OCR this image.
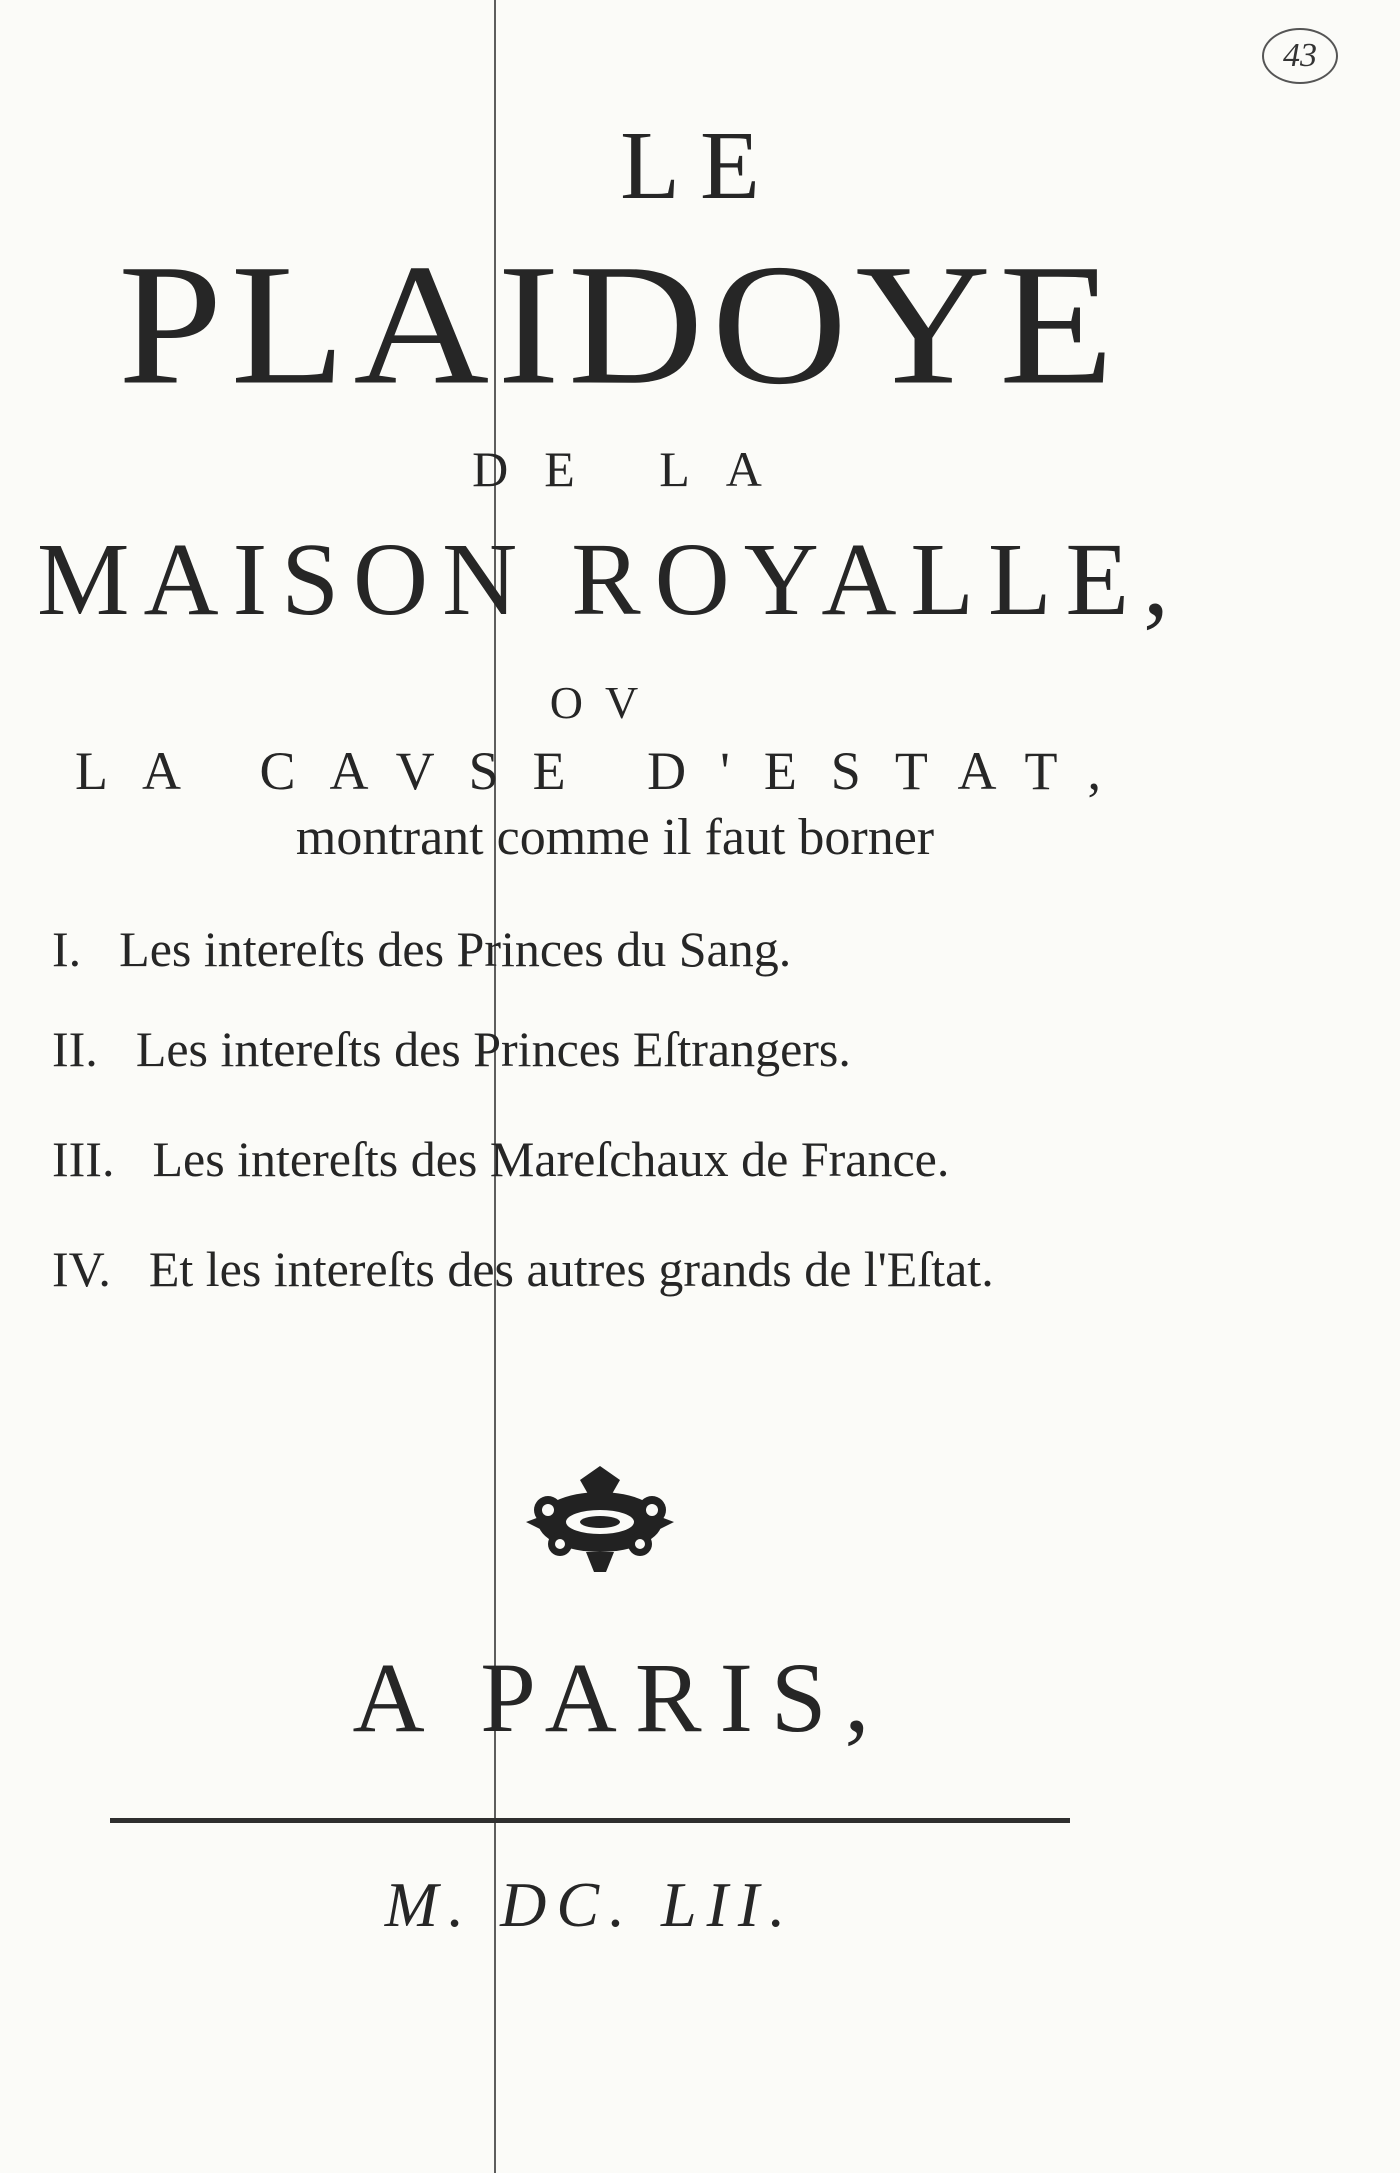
43
LE
PLAIDOYE
DE LA
MAISON ROYALLE,
OV
LA CAVSE D'ESTAT,
montrant comme il faut borner
I. Les intereſts des Princes du Sang.
II. Les intereſts des Princes Eſtrangers.
III. Les intereſts des Mareſchaux de France.
IV. Et les intereſts des autres grands de l'Eſtat.
A PARIS,
M. DC. LII.
